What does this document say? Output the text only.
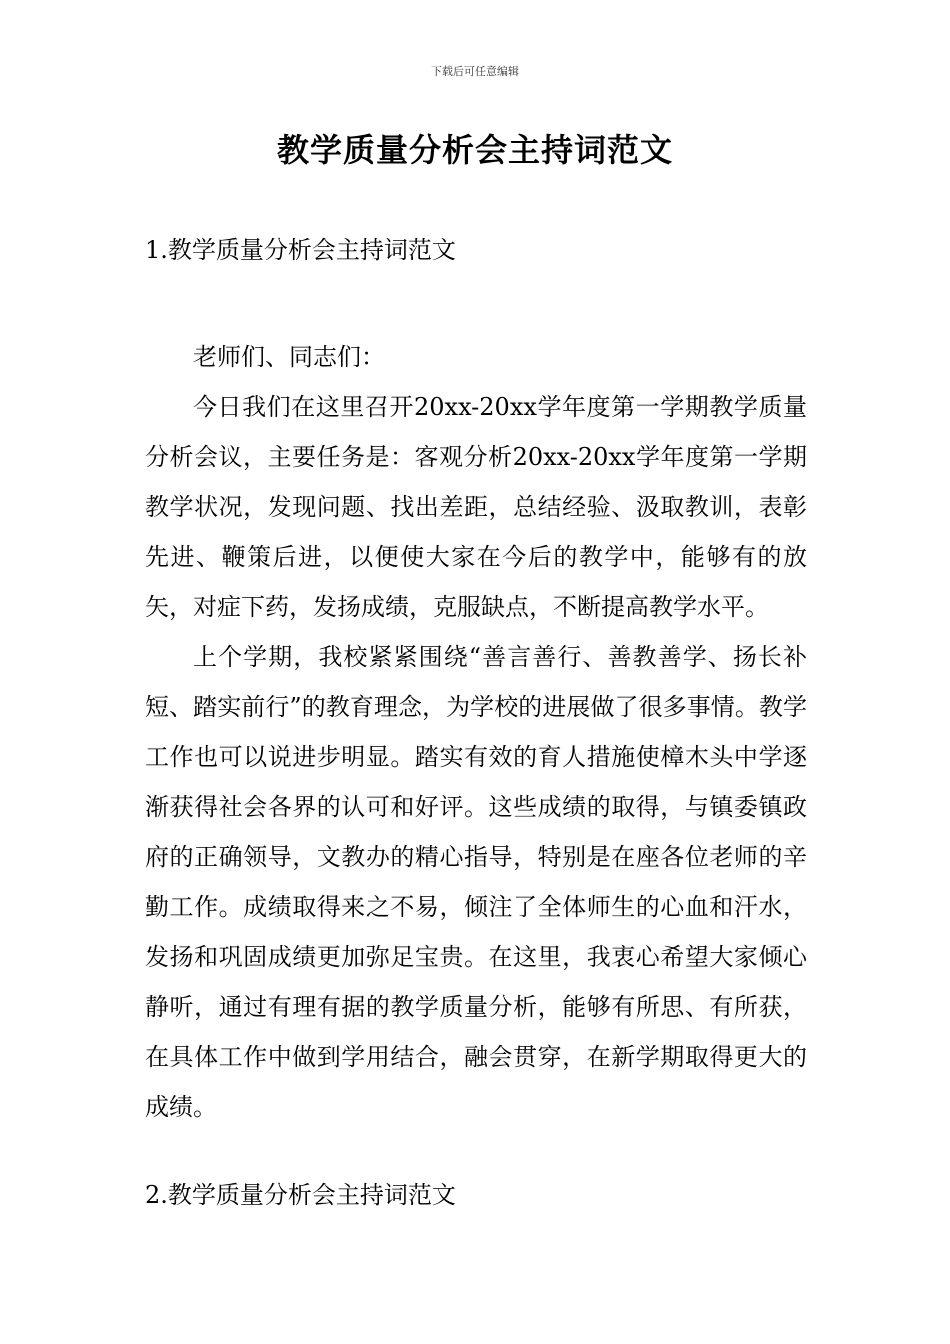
下载后可任意编辑
教学质量分析会主持词范文
1.教学质量分析会主持词范文

老师们、同志们：

今日我们在这里召开20xx-20xx学年度第一学期教学质量分析会议，主要任务是：客观分析20xx-20xx学年度第一学期教学状况，发现问题、找出差距，总结经验、汲取教训，表彰先进、鞭策后进，以便使大家在今后的教学中，能够有的放矢，对症下药，发扬成绩，克服缺点，不断提高教学水平。

上个学期，我校紧紧围绕“善言善行、善教善学、扬长补短、踏实前行”的教育理念，为学校的进展做了很多事情。教学工作也可以说进步明显。踏实有效的育人措施使樟木头中学逐渐获得社会各界的认可和好评。这些成绩的取得，与镇委镇政府的正确领导，文教办的精心指导，特别是在座各位老师的辛勤工作。成绩取得来之不易，倾注了全体师生的心血和汗水，发扬和巩固成绩更加弥足宝贵。在这里，我衷心希望大家倾心静听，通过有理有据的教学质量分析，能够有所思、有所获，在具体工作中做到学用结合，融会贯穿，在新学期取得更大的成绩。

2.教学质量分析会主持词范文
